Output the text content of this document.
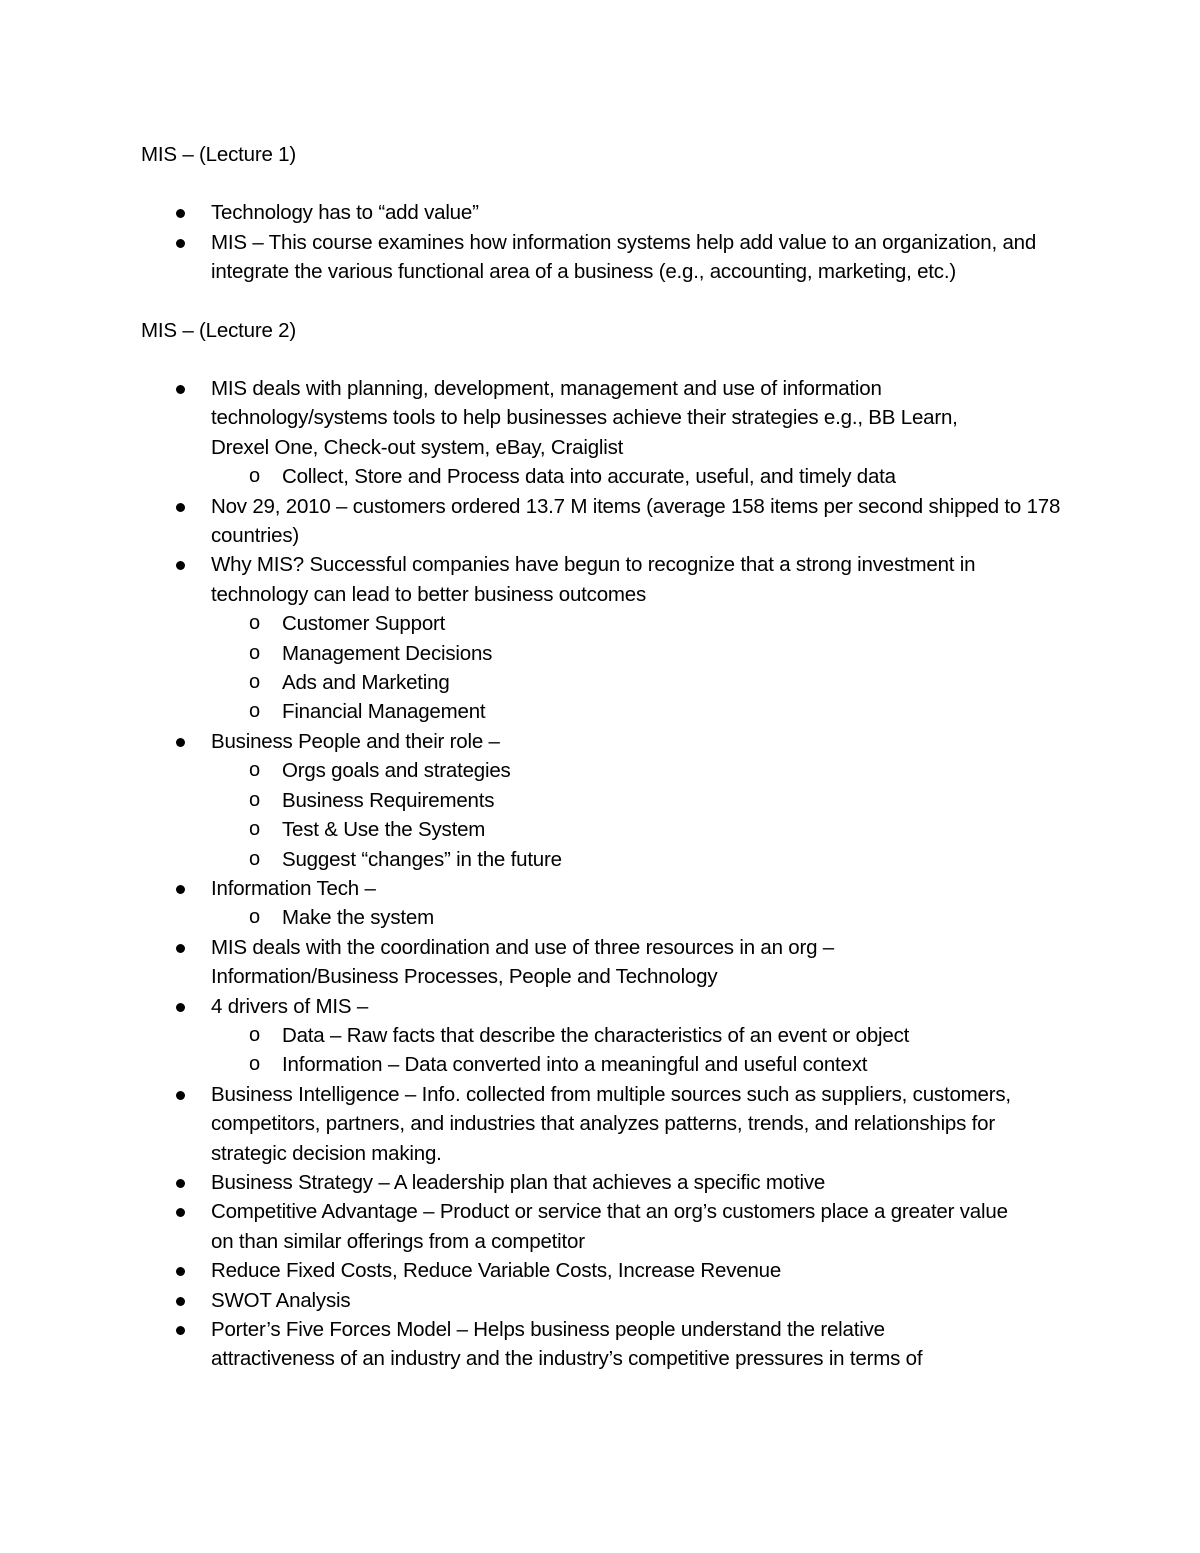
MIS – (Lecture 1)

Technology has to “add value”
MIS – This course examines how information systems help add value to an organization, and integrate the various functional area of a business (e.g., accounting, marketing, etc.)

MIS – (Lecture 2)

MIS deals with planning, development, management and use of information technology/systems tools to help businesses achieve their strategies e.g., BB Learn, Drexel One, Check-out system, eBay, Craiglist
o Collect, Store and Process data into accurate, useful, and timely data
Nov 29, 2010 – customers ordered 13.7 M items (average 158 items per second shipped to 178 countries)
Why MIS? Successful companies have begun to recognize that a strong investment in technology can lead to better business outcomes
o Customer Support
o Management Decisions
o Ads and Marketing
o Financial Management
Business People and their role –
o Orgs goals and strategies
o Business Requirements
o Test & Use the System
o Suggest “changes” in the future
Information Tech –
o Make the system
MIS deals with the coordination and use of three resources in an org – Information/Business Processes, People and Technology
4 drivers of MIS –
o Data – Raw facts that describe the characteristics of an event or object
o Information – Data converted into a meaningful and useful context
Business Intelligence – Info. collected from multiple sources such as suppliers, customers, competitors, partners, and industries that analyzes patterns, trends, and relationships for strategic decision making.
Business Strategy – A leadership plan that achieves a specific motive
Competitive Advantage – Product or service that an org’s customers place a greater value on than similar offerings from a competitor
Reduce Fixed Costs, Reduce Variable Costs, Increase Revenue
SWOT Analysis
Porter’s Five Forces Model – Helps business people understand the relative attractiveness of an industry and the industry’s competitive pressures in terms of
